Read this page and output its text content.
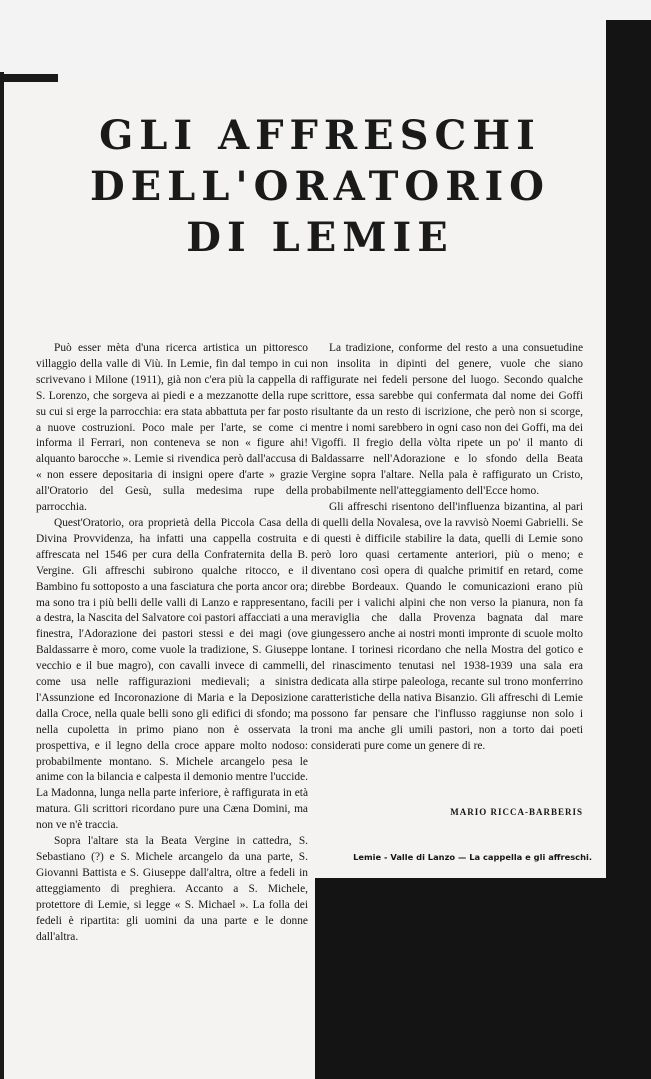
GLI AFFRESCHI
DELL'ORATORIO
DI LEMIE

Può esser mèta d'una ricerca artistica un pittoresco villaggio della valle di Viù. In Lemie, fin dal tempo in cui scrivevano i Milone (1911), già non c'era più la cappella di S. Lorenzo, che sorgeva ai piedi e a mezzanotte della rupe su cui si erge la parrocchia: era stata abbattuta per far posto a nuove costruzioni. Poco male per l'arte, se come ci informa il Ferrari, non conteneva se non « figure ahi! alquanto barocche ». Lemie si rivendica però dall'accusa di « non essere depositaria di insigni opere d'arte » grazie all'Oratorio del Gesù, sulla medesima rupe della parrocchia.

Quest'Oratorio, ora proprietà della Piccola Casa della Divina Provvidenza, ha infatti una cappella costruita e affrescata nel 1546 per cura della Confraternita della B. Vergine. Gli affreschi subirono qualche ritocco, e il Bambino fu sottoposto a una fasciatura che porta ancor ora; ma sono tra i più belli delle valli di Lanzo e rappresentano, a destra, la Nascita del Salvatore coi pastori affacciati a una finestra, l'Adorazione dei pastori stessi e dei magi (ove Baldassarre è moro, come vuole la tradizione, S. Giuseppe vecchio e il bue magro), con cavalli invece di cammelli, come usa nelle raffigurazioni medievali; a sinistra l'Assunzione ed Incoronazione di Maria e la Deposizione dalla Croce, nella quale belli sono gli edifici di sfondo; ma nella cupoletta in primo piano non è osservata la prospettiva, e il legno della croce appare molto nodoso: probabilmente montano. S. Michele arcangelo pesa le anime con la bilancia e calpesta il demonio mentre l'uccide. La Madonna, lunga nella parte inferiore, è raffigurata in età matura. Gli scrittori ricordano pure una Cæna Domini, ma non ve n'è traccia.

Sopra l'altare sta la Beata Vergine in cattedra, S. Sebastiano (?) e S. Michele arcangelo da una parte, S. Giovanni Battista e S. Giuseppe dall'altra, oltre a fedeli in atteggiamento di preghiera. Accanto a S. Michele, protettore di Lemie, si legge « S. Michael ». La folla dei fedeli è ripartita: gli uomini da una parte e le donne dall'altra.

La tradizione, conforme del resto a una consuetudine non insolita in dipinti del genere, vuole che siano raffigurate nei fedeli persone del luogo. Secondo qualche scrittore, essa sarebbe qui confermata dal nome dei Goffi risultante da un resto di iscrizione, che però non si scorge, mentre i nomi sarebbero in ogni caso non dei Goffi, ma dei Vigoffi. Il fregio della vòlta ripete un po' il manto di Baldassarre nell'Adorazione e lo sfondo della Beata Vergine sopra l'altare. Nella pala è raffigurato un Cristo, probabilmente nell'atteggiamento dell'Ecce homo.

Gli affreschi risentono dell'influenza bizantina, al pari di quelli della Novalesa, ove la ravvisò Noemi Gabrielli. Se di questi è difficile stabilire la data, quelli di Lemie sono però loro quasi certamente anteriori, più o meno; e diventano così opera di qualche primitif en retard, come direbbe Bordeaux. Quando le comunicazioni erano più facili per i valichi alpini che non verso la pianura, non fa meraviglia che dalla Provenza bagnata dal mare giungessero anche ai nostri monti impronte di scuole molto lontane. I torinesi ricordano che nella Mostra del gotico e del rinascimento tenutasi nel 1938-1939 una sala era dedicata alla stirpe paleologa, recante sul trono monferrino caratteristiche della nativa Bisanzio. Gli affreschi di Lemie possono far pensare che l'influsso raggiunse non solo i troni ma anche gli umili pastori, non a torto dai poeti considerati pure come un genere di re.

MARIO RICCA-BARBERIS

Lemie - Valle di Lanzo — La cappella e gli affreschi.
